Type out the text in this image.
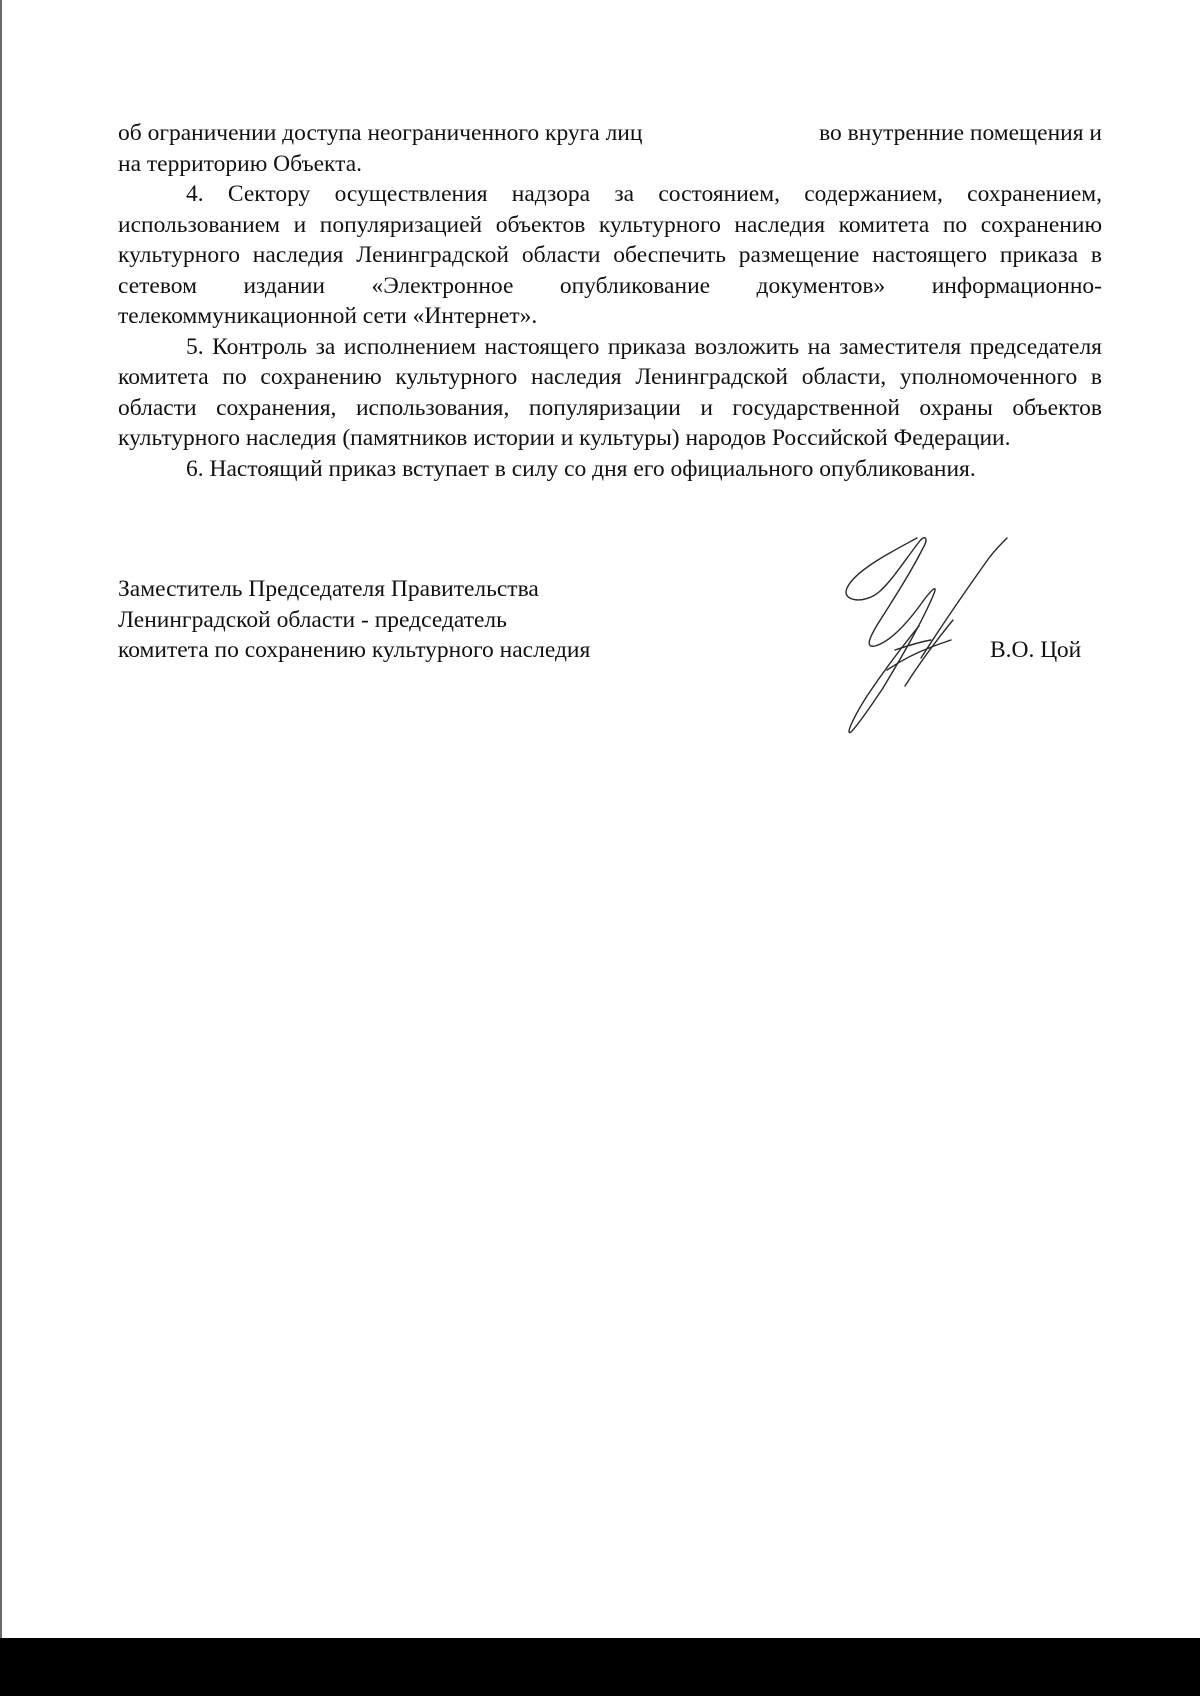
об ограничении доступа неограниченного круга лиц	во внутренние помещения и

на территорию Объекта.

4. Сектору осуществления надзора за состоянием, содержанием, сохранением, использованием и популяризацией объектов культурного наследия комитета по сохранению культурного наследия Ленинградской области обеспечить размещение настоящего приказа в сетевом издании «Электронное опубликование документов» информационно-телекоммуникационной сети «Интернет».

5. Контроль за исполнением настоящего приказа возложить на заместителя председателя комитета по сохранению культурного наследия Ленинградской области, уполномоченного в области сохранения, использования, популяризации и государственной охраны объектов культурного наследия (памятников истории и культуры) народов Российской Федерации.

6. Настоящий приказ вступает в силу со дня его официального опубликования.

Заместитель Председателя Правительства
Ленинградской области - председатель
комитета по сохранению культурного наследия	В.О. Цой
